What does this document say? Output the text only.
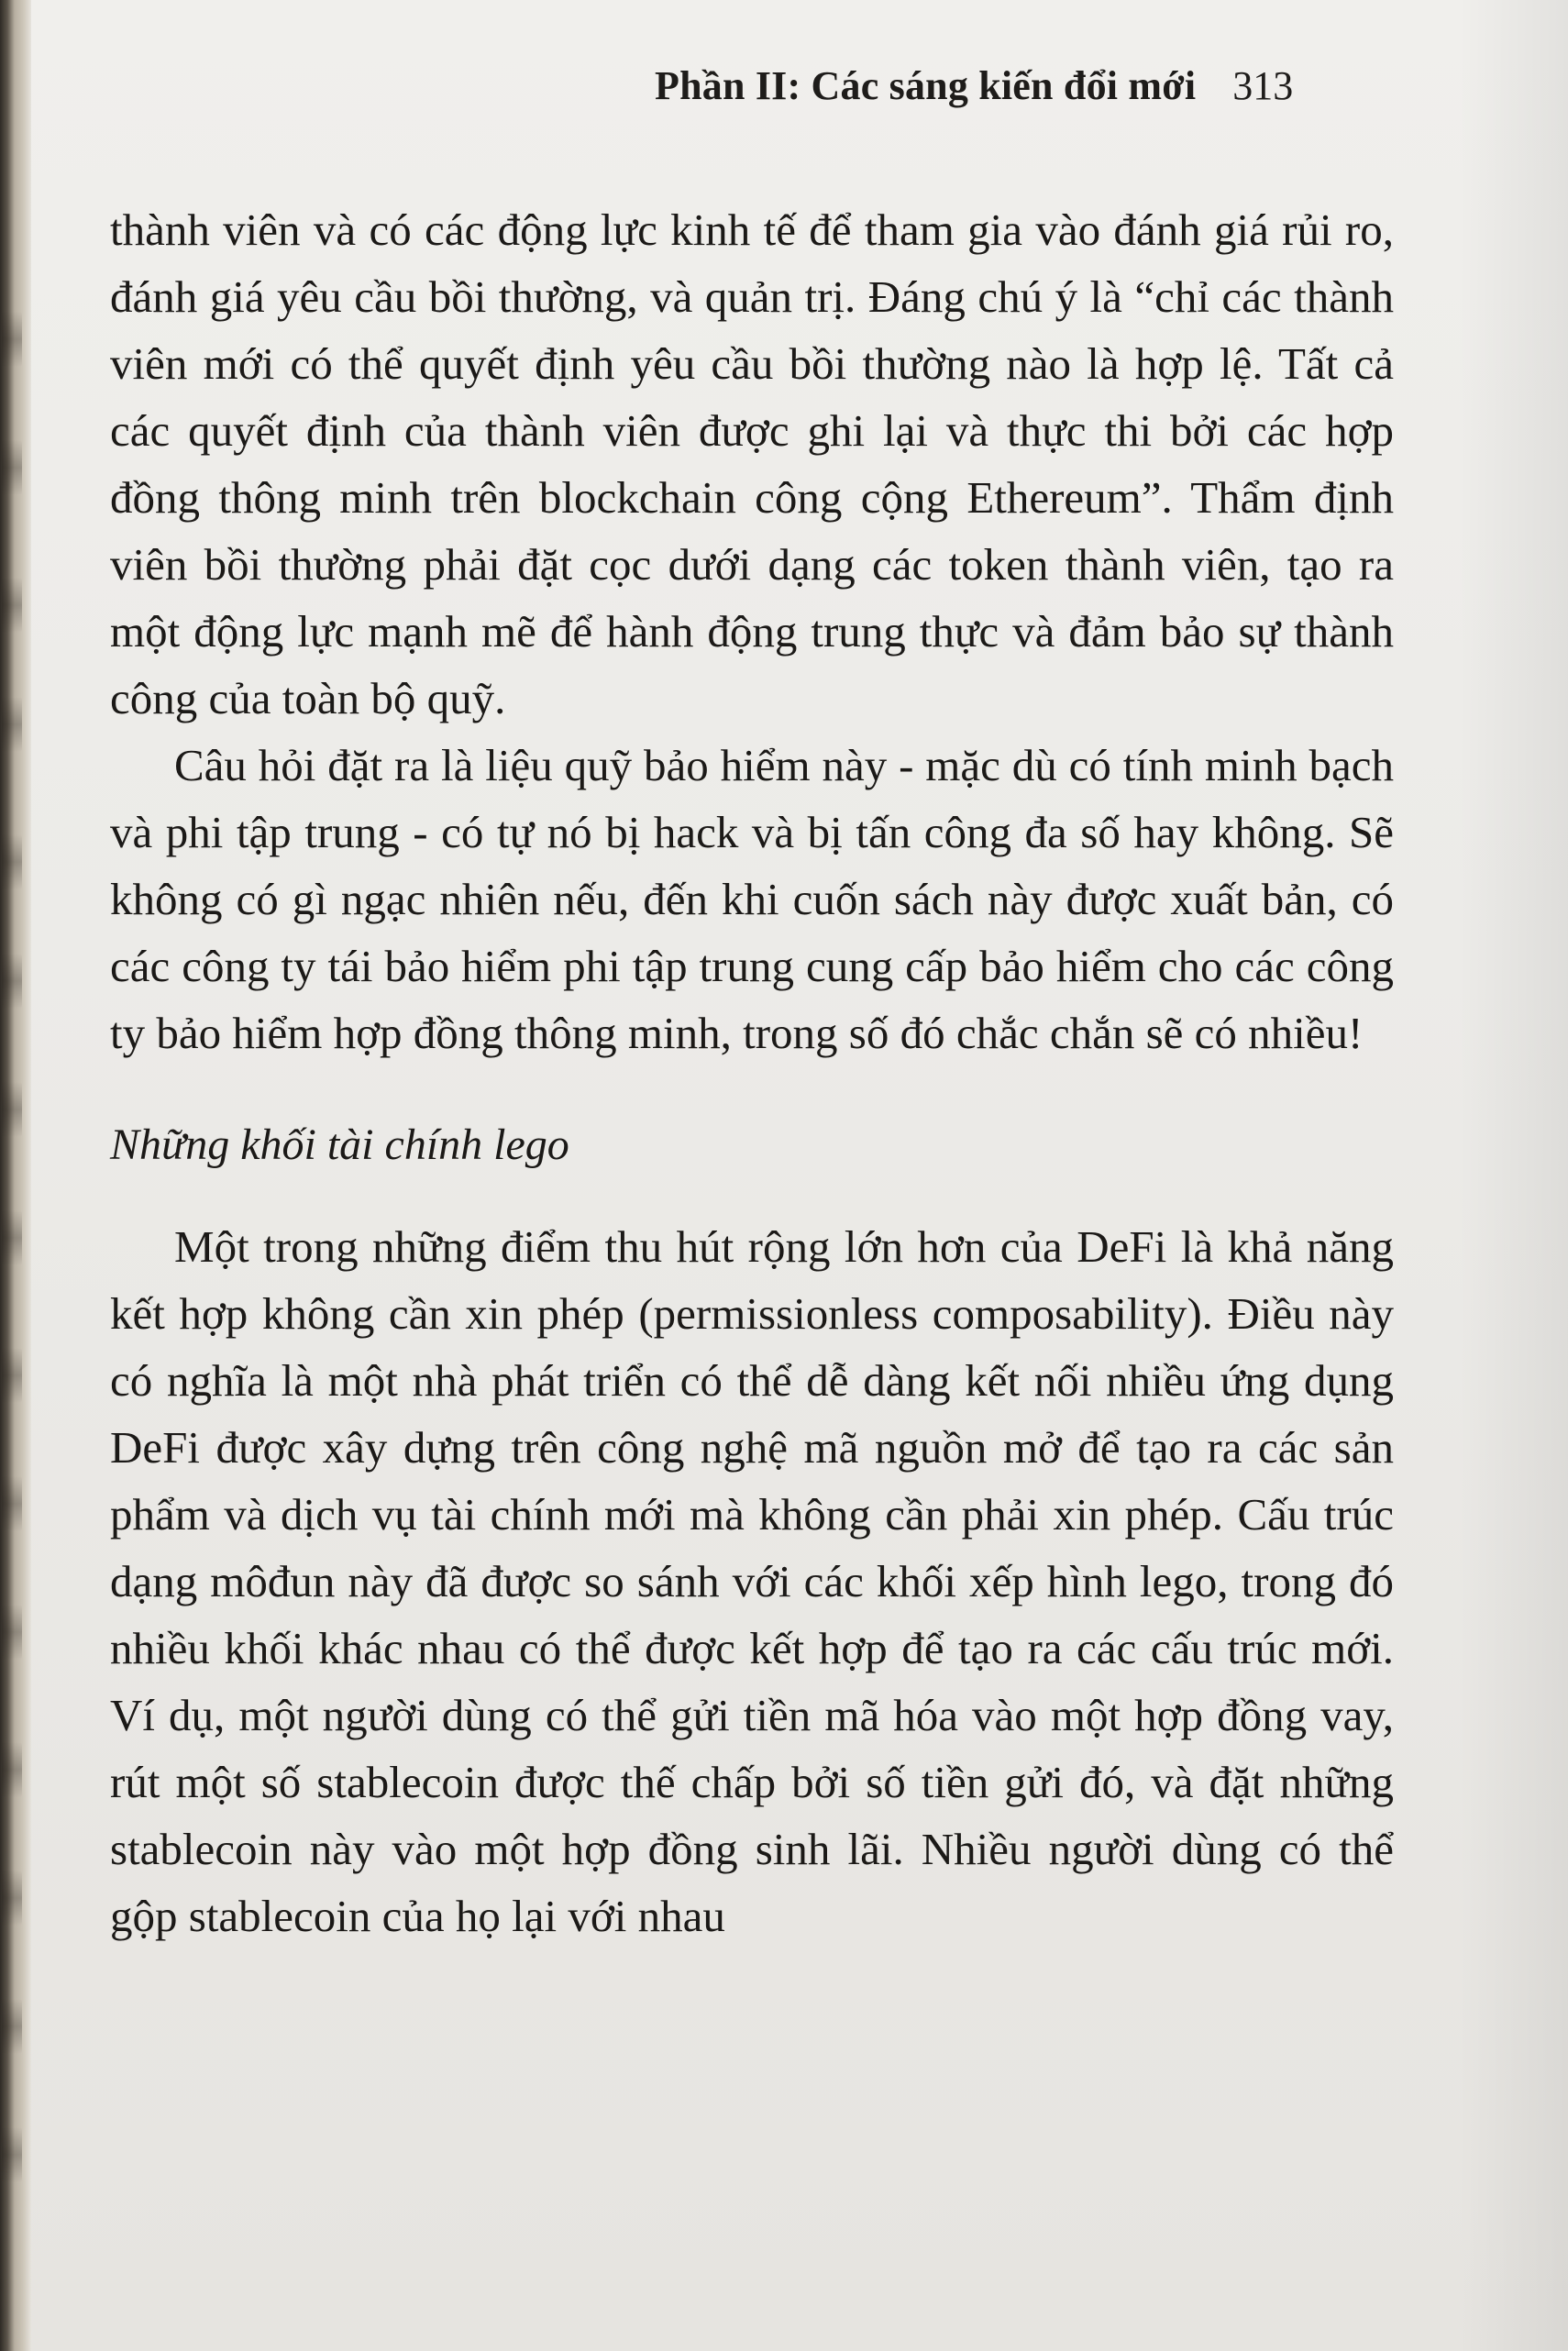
Phần II: Các sáng kiến đổi mới 313

thành viên và có các động lực kinh tế để tham gia vào đánh giá rủi ro, đánh giá yêu cầu bồi thường, và quản trị. Đáng chú ý là “chỉ các thành viên mới có thể quyết định yêu cầu bồi thường nào là hợp lệ. Tất cả các quyết định của thành viên được ghi lại và thực thi bởi các hợp đồng thông minh trên blockchain công cộng Ethereum”. Thẩm định viên bồi thường phải đặt cọc dưới dạng các token thành viên, tạo ra một động lực mạnh mẽ để hành động trung thực và đảm bảo sự thành công của toàn bộ quỹ.

Câu hỏi đặt ra là liệu quỹ bảo hiểm này - mặc dù có tính minh bạch và phi tập trung - có tự nó bị hack và bị tấn công đa số hay không. Sẽ không có gì ngạc nhiên nếu, đến khi cuốn sách này được xuất bản, có các công ty tái bảo hiểm phi tập trung cung cấp bảo hiểm cho các công ty bảo hiểm hợp đồng thông minh, trong số đó chắc chắn sẽ có nhiều!

Những khối tài chính lego

Một trong những điểm thu hút rộng lớn hơn của DeFi là khả năng kết hợp không cần xin phép (permissionless composability). Điều này có nghĩa là một nhà phát triển có thể dễ dàng kết nối nhiều ứng dụng DeFi được xây dựng trên công nghệ mã nguồn mở để tạo ra các sản phẩm và dịch vụ tài chính mới mà không cần phải xin phép. Cấu trúc dạng môđun này đã được so sánh với các khối xếp hình lego, trong đó nhiều khối khác nhau có thể được kết hợp để tạo ra các cấu trúc mới. Ví dụ, một người dùng có thể gửi tiền mã hóa vào một hợp đồng vay, rút một số stablecoin được thế chấp bởi số tiền gửi đó, và đặt những stablecoin này vào một hợp đồng sinh lãi. Nhiều người dùng có thể gộp stablecoin của họ lại với nhau
